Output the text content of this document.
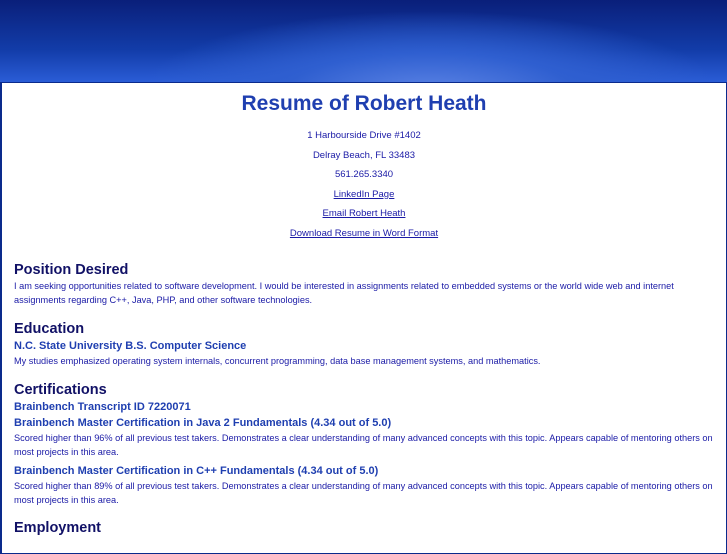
Resume of Robert Heath
1 Harbourside Drive #1402
Delray Beach, FL 33483
561.265.3340
LinkedIn Page
Email Robert Heath
Download Resume in Word Format
Position Desired

I am seeking opportunities related to software development. I would be interested in assignments related to embedded systems or the world wide web and internet assignments regarding C++, Java, PHP, and other software technologies.

Education
N.C. State University B.S. Computer Science

My studies emphasized operating system internals, concurrent programming, data base management systems, and mathematics.

Certifications
Brainbench Transcript ID 7220071
Brainbench Master Certification in Java 2 Fundamentals (4.34 out of 5.0)

Scored higher than 96% of all previous test takers. Demonstrates a clear understanding of many advanced concepts with this topic. Appears capable of mentoring others on most projects in this area.

Brainbench Master Certification in C++ Fundamentals (4.34 out of 5.0)

Scored higher than 89% of all previous test takers. Demonstrates a clear understanding of many advanced concepts with this topic. Appears capable of mentoring others on most projects in this area.

Employment
